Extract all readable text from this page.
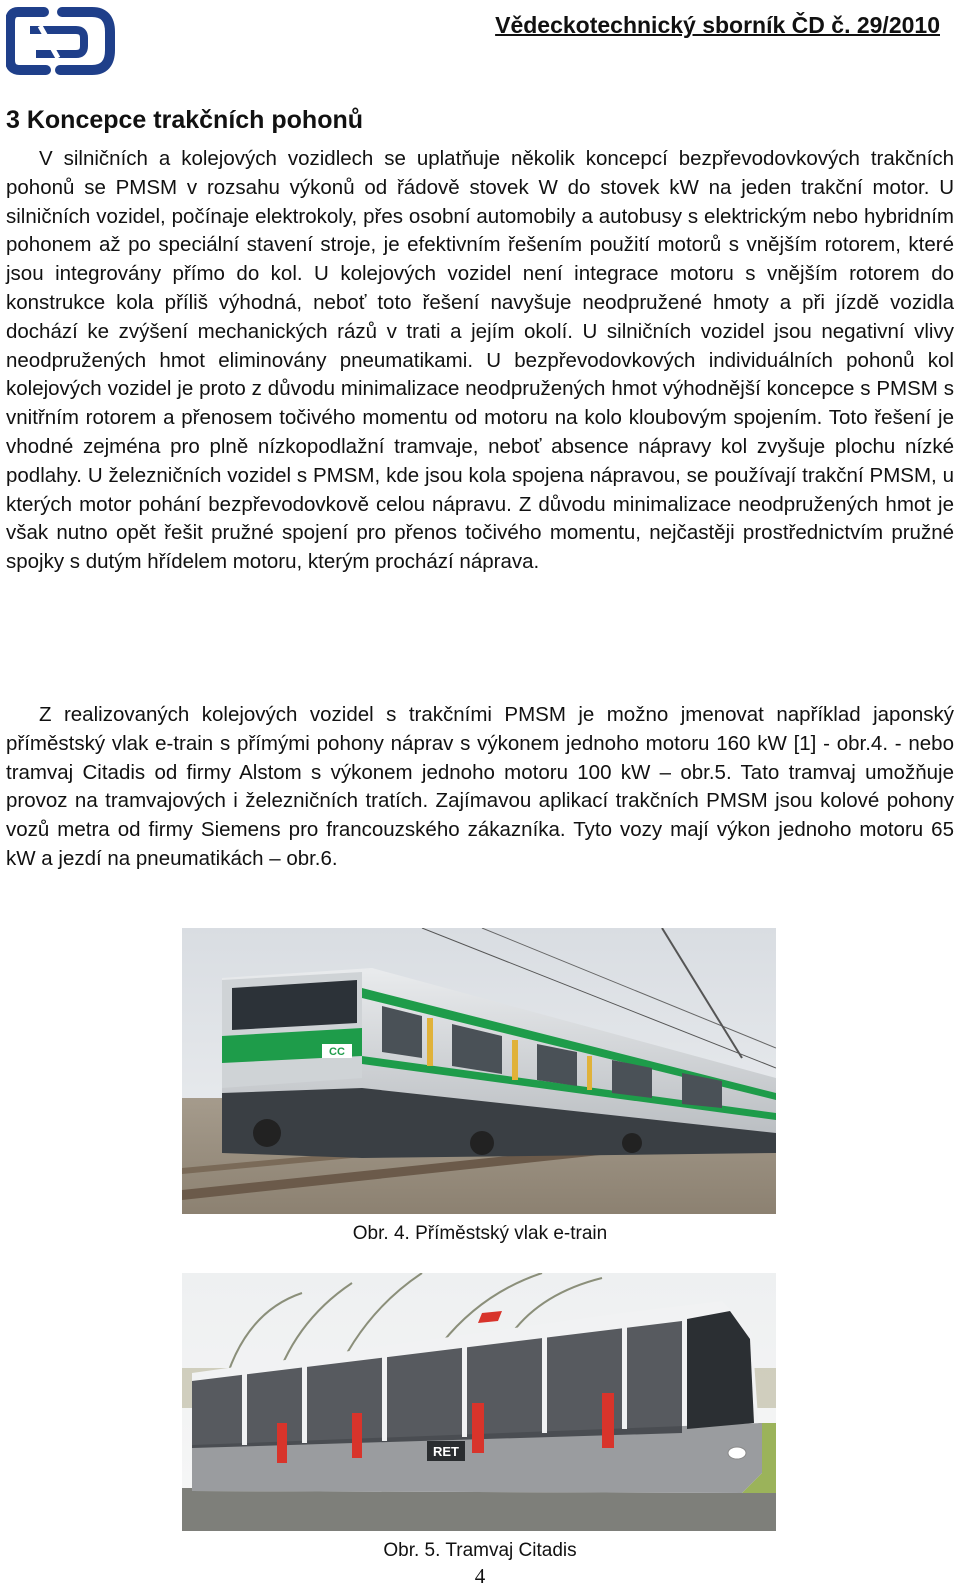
Vědeckotechnický sborník ČD č. 29/2010
3 Koncepce trakčních pohonů

V silničních a kolejových vozidlech se uplatňuje několik koncepcí bezpřevodovkových trakčních pohonů se PMSM v rozsahu výkonů od řádově stovek W do stovek kW na jeden trakční motor. U silničních vozidel, počínaje elektrokoly, přes osobní automobily a autobusy s elektrickým nebo hybridním pohonem až po speciální stavení stroje, je efektivním řešením použití motorů s vnějším rotorem, které jsou integrovány přímo do kol. U kolejových vozidel není integrace motoru s vnějším rotorem do konstrukce kola příliš výhodná, neboť toto řešení navyšuje neodpružené hmoty a při jízdě vozidla dochází ke zvýšení mechanických rázů v trati a jejím okolí. U silničních vozidel jsou negativní vlivy neodpružených hmot eliminovány pneumatikami. U bezpřevodovkových individuálních pohonů kol kolejových vozidel je proto z důvodu minimalizace neodpružených hmot výhodnější koncepce s PMSM s vnitřním rotorem a přenosem točivého momentu od motoru na kolo kloubovým spojením. Toto řešení je vhodné zejména pro plně nízkopodlažní tramvaje, neboť absence nápravy kol zvyšuje plochu nízké podlahy. U železničních vozidel s PMSM, kde jsou kola spojena nápravou, se používají trakční PMSM, u kterých motor pohání bezpřevodovkově celou nápravu. Z důvodu minimalizace neodpružených hmot je však nutno opět řešit pružné spojení pro přenos točivého momentu, nejčastěji prostřednictvím pružné spojky s dutým hřídelem motoru, kterým prochází náprava.

Z realizovaných kolejových vozidel s trakčními PMSM je možno jmenovat například japonský příměstský vlak e-train s přímými pohony náprav s výkonem jednoho motoru 160 kW [1] - obr.4. - nebo tramvaj Citadis od firmy Alstom s výkonem jednoho motoru 100 kW – obr.5. Tato tramvaj umožňuje provoz na tramvajových i železničních tratích. Zajímavou aplikací trakčních PMSM jsou kolové pohony vozů metra od firmy Siemens pro francouzského zákazníka. Tyto vozy mají výkon jednoho motoru 65 kW a jezdí na pneumatikách – obr.6.

CC
Obr. 4. Příměstský vlak e-train
RET
Obr. 5. Tramvaj Citadis
4
